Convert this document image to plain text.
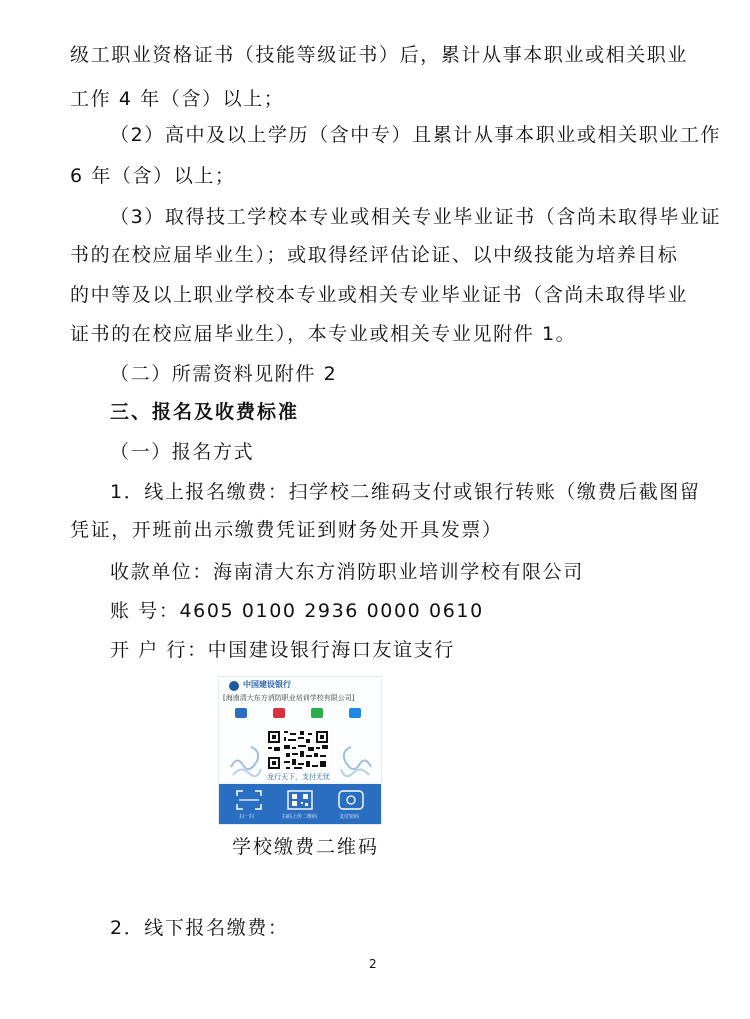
级工职业资格证书（技能等级证书）后，累计从事本职业或相关职业
工作 4 年（含）以上；
（2）高中及以上学历（含中专）且累计从事本职业或相关职业工作
6 年（含）以上；
（3）取得技工学校本专业或相关专业毕业证书（含尚未取得毕业证
书的在校应届毕业生）；或取得经评估论证、以中级技能为培养目标
的中等及以上职业学校本专业或相关专业毕业证书（含尚未取得毕业
证书的在校应届毕业生），本专业或相关专业见附件 1。
（二）所需资料见附件 2
三、报名及收费标准
（一）报名方式
1．线上报名缴费：扫学校二维码支付或银行转账（缴费后截图留
凭证，开班前出示缴费凭证到财务处开具发票）
收款单位：海南清大东方消防职业培训学校有限公司
账 号：4605 0100 2936 0000 0610
开 户 行：中国建设银行海口友谊支行
中国建设银行
[海南清大东方消防职业培训学校有限公司]
龙行天下，支付无忧
扫一扫	扫码上传二维码	支付密码
学校缴费二维码
2．线下报名缴费：
2
